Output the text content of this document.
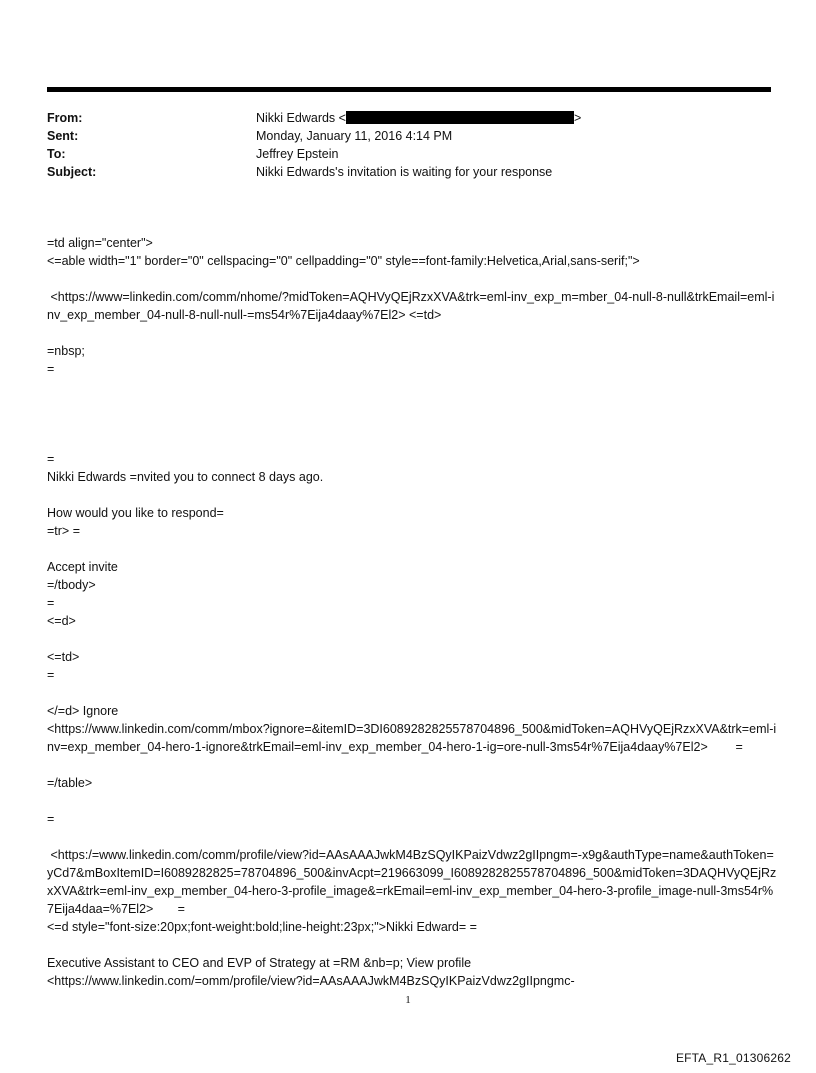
From:	Nikki Edwards <	>
Sent:	Monday, January 11, 2016 4:14 PM
To:	Jeffrey Epstein
Subject:	Nikki Edwards's invitation is waiting for your response
=td align="center">
<=able width="1" border="0" cellspacing="0" cellpadding="0" style==font-family:Helvetica,Arial,sans-serif;">

<https://www=linkedin.com/comm/nhome/?midToken=AQHVyQEjRzxXVA&trk=eml-inv_exp_m=mber_04-null-8-null&trkEmail=eml-inv_exp_member_04-null-8-null-null-=ms54r%7Eija4daay%7El2> <=td>

=nbsp;
=

=
Nikki Edwards =nvited you to connect 8 days ago.

How would you like to respond=
=tr> =

Accept invite
=/tbody>
=
<=d>

<=td>
=

</=d> Ignore
<https://www.linkedin.com/comm/mbox?ignore=&itemID=3DI6089282825578704896_500&midToken=AQHVyQEjRzxXVA&trk=eml-inv=exp_member_04-hero-1-ignore&trkEmail=eml-inv_exp_member_04-hero-1-ig=ore-null-3ms54r%7Eija4daay%7El2>        =

=/table>

=

<https:/=www.linkedin.com/comm/profile/view?id=AAsAAAJwkM4BzSQyIKPaizVdwz2gIIpngm=-x9g&authType=name&authToken=yCd7&mBoxItemID=I6089282825=78704896_500&invAcpt=219663099_I6089282825578704896_500&midToken=3DAQHVyQEjRzxXVA&trk=eml-inv_exp_member_04-hero-3-profile_image&=rkEmail=eml-inv_exp_member_04-hero-3-profile_image-null-3ms54r%7Eija4daa=%7El2>       =
<=d style="font-size:20px;font-weight:bold;line-height:23px;">Nikki Edward= =

Executive Assistant to CEO and EVP of Strategy at =RM &nb=p; View profile
<https://www.linkedin.com/=omm/profile/view?id=AAsAAAJwkM4BzSQyIKPaizVdwz2gIIpngmc-
1
EFTA_R1_01306262
